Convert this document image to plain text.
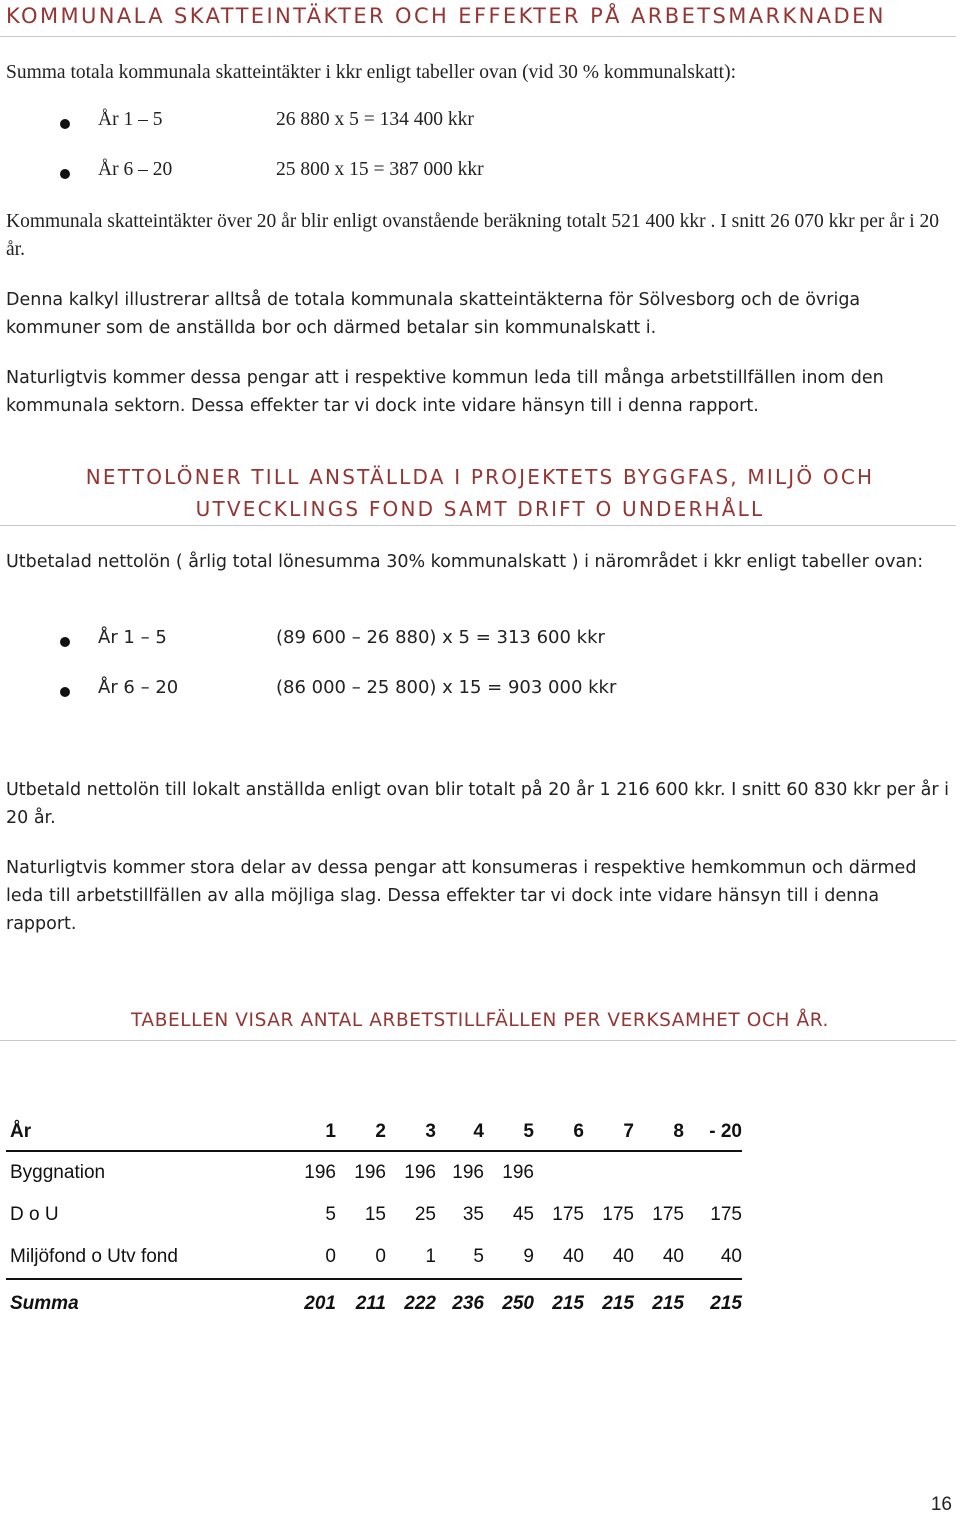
KOMMUNALA SKATTEINTÄKTER OCH EFFEKTER PÅ ARBETSMARKNADEN

Summa totala kommunala skatteintäkter i kkr enligt tabeller ovan (vid 30 % kommunalskatt):

År 1 – 5	26 880 x 5 = 134 400 kkr
År 6 – 20	25 800 x 15 = 387 000 kkr

Kommunala skatteintäkter över 20 år blir enligt ovanstående beräkning totalt 521 400 kkr . I snitt 26 070 kkr per år i 20 år.

Denna kalkyl illustrerar alltså de totala kommunala skatteintäkterna för Sölvesborg och de övriga kommuner som de anställda bor och därmed betalar sin kommunalskatt i.

Naturligtvis kommer dessa pengar att i respektive kommun leda till många arbetstillfällen inom den kommunala sektorn. Dessa effekter tar vi dock inte vidare hänsyn till i denna rapport.

NETTOLÖNER TILL ANSTÄLLDA I PROJEKTETS BYGGFAS, MILJÖ OCH
UTVECKLINGS FOND SAMT DRIFT O UNDERHÅLL

Utbetalad nettolön ( årlig total lönesumma 30% kommunalskatt ) i närområdet i kkr enligt tabeller ovan:

År 1 – 5	(89 600 – 26 880) x 5 = 313 600 kkr
År 6 – 20	(86 000 – 25 800) x 15 = 903 000 kkr

Utbetald nettolön till lokalt anställda enligt ovan blir totalt på 20 år 1 216 600 kkr. I snitt 60 830 kkr per år i 20 år.

Naturligtvis kommer stora delar av dessa pengar att konsumeras i respektive hemkommun och därmed leda till arbetstillfällen av alla möjliga slag. Dessa effekter tar vi dock inte vidare hänsyn till i denna rapport.

TABELLEN VISAR ANTAL ARBETSTILLFÄLLEN PER VERKSAMHET OCH ÅR.
År	1	2	3	4	5	6	7	8	- 20
Byggnation	196	196	196	196	196				
D o U	5	15	25	35	45	175	175	175	175
Miljöfond o Utv fond	0	0	1	5	9	40	40	40	40
Summa	201	211	222	236	250	215	215	215	215
16
